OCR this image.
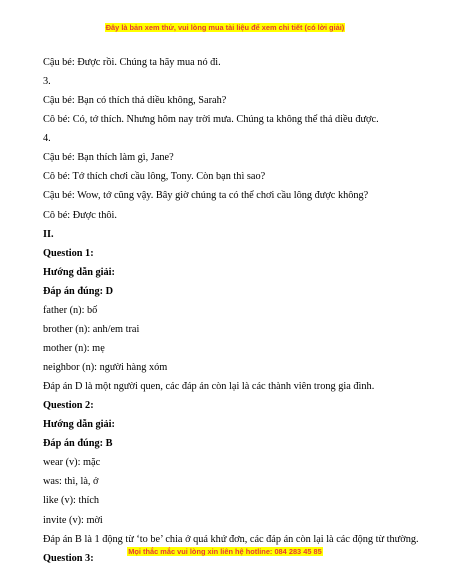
Đây là bản xem thử, vui lòng mua tài liệu để xem chi tiết (có lời giải)
Cậu bé: Được rồi. Chúng ta hãy mua nó đi.
3.
Cậu bé: Bạn có thích thả diều không, Sarah?
Cô bé: Có, tớ thích. Nhưng hôm nay trời mưa. Chúng ta không thể thả diều được.
4.
Cậu bé: Bạn thích làm gì, Jane?
Cô bé: Tớ thích chơi cầu lông, Tony. Còn bạn thì sao?
Cậu bé: Wow, tớ cũng vậy. Bây giờ chúng ta có thể chơi cầu lông được không?
Cô bé: Được thôi.
II.
Question 1:
Hướng dẫn giải:
Đáp án đúng: D
father (n): bố
brother (n): anh/em trai
mother (n): mẹ
neighbor (n): người hàng xóm
Đáp án D là một người quen, các đáp án còn lại là các thành viên trong gia đình.
Question 2:
Hướng dẫn giải:
Đáp án đúng: B
wear (v): mặc
was: thì, là, ở
like (v): thích
invite (v): mời
Đáp án B là 1 động từ ‘to be’ chia ở quá khứ đơn, các đáp án còn lại là các động từ thường.
Question 3:
Mọi thắc mắc vui lòng xin liên hệ hotline: 084 283 45 85
